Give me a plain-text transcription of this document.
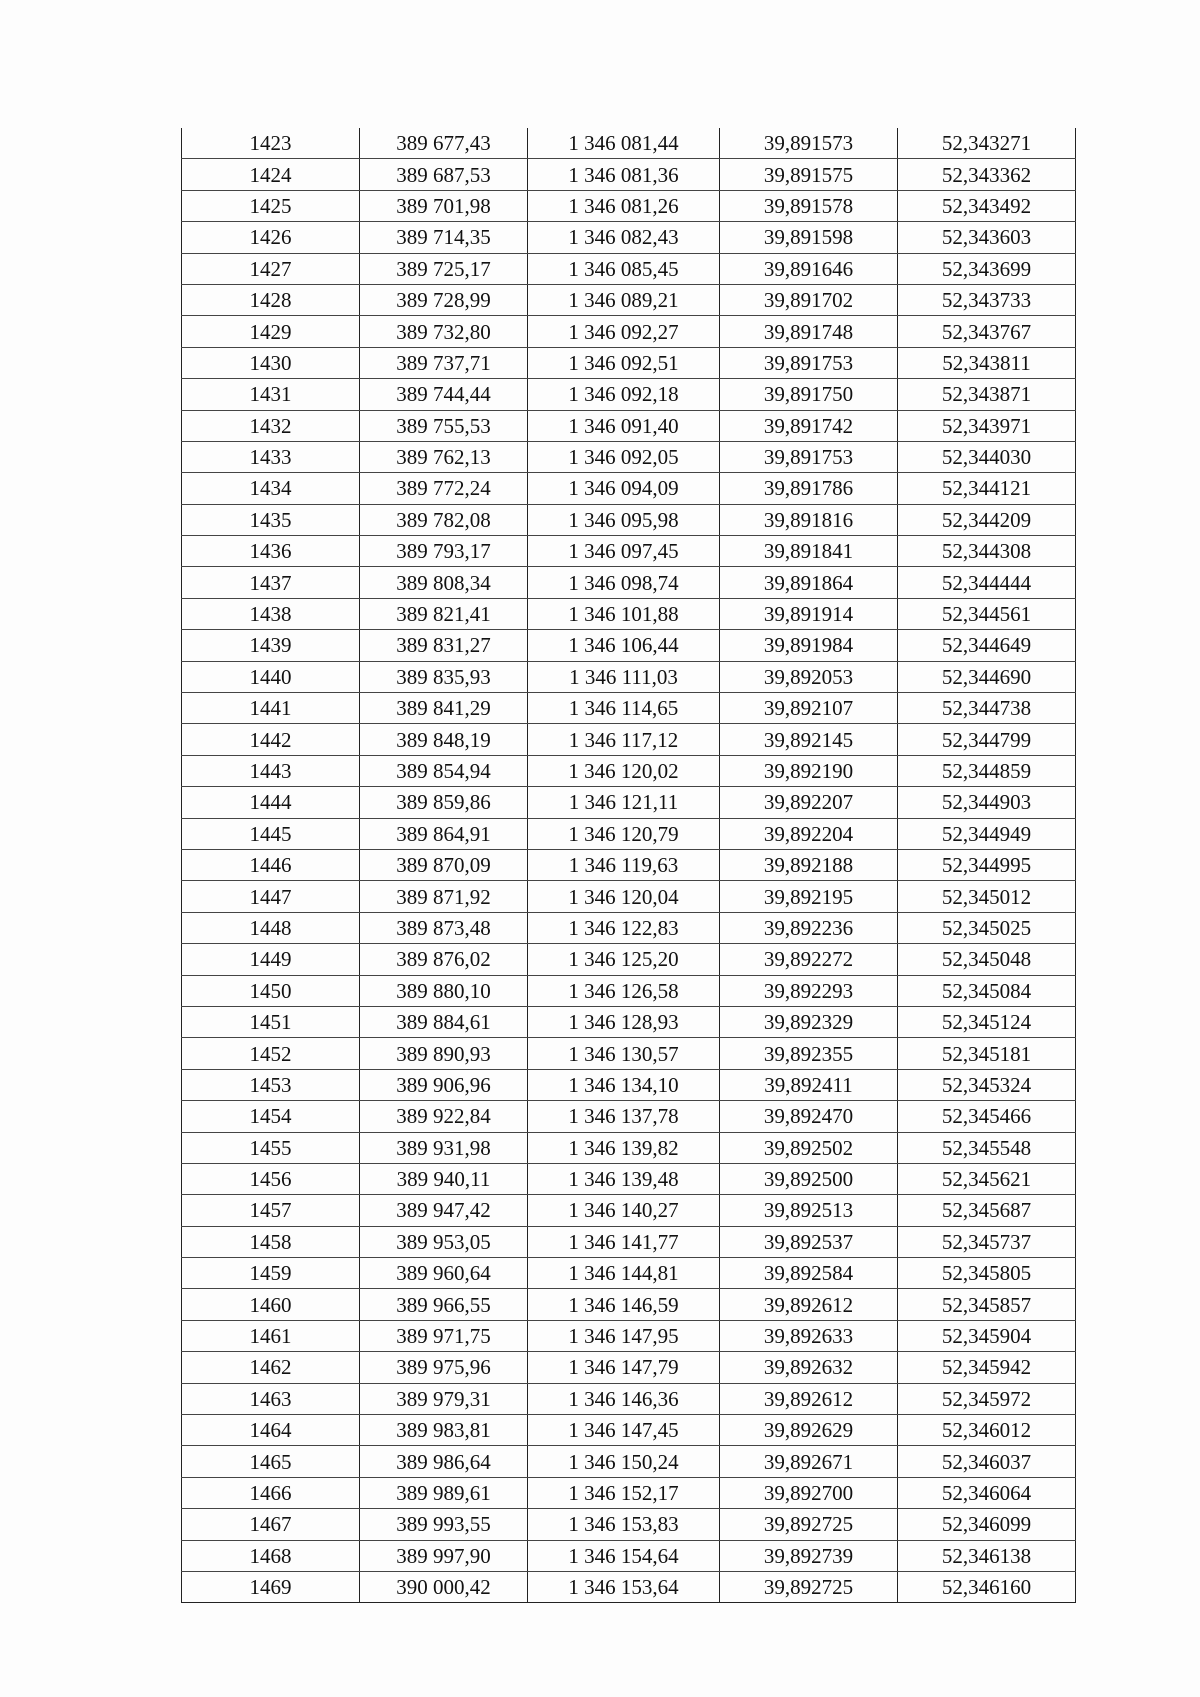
1423	389 677,43	1 346 081,44	39,891573	52,343271
1424	389 687,53	1 346 081,36	39,891575	52,343362
1425	389 701,98	1 346 081,26	39,891578	52,343492
1426	389 714,35	1 346 082,43	39,891598	52,343603
1427	389 725,17	1 346 085,45	39,891646	52,343699
1428	389 728,99	1 346 089,21	39,891702	52,343733
1429	389 732,80	1 346 092,27	39,891748	52,343767
1430	389 737,71	1 346 092,51	39,891753	52,343811
1431	389 744,44	1 346 092,18	39,891750	52,343871
1432	389 755,53	1 346 091,40	39,891742	52,343971
1433	389 762,13	1 346 092,05	39,891753	52,344030
1434	389 772,24	1 346 094,09	39,891786	52,344121
1435	389 782,08	1 346 095,98	39,891816	52,344209
1436	389 793,17	1 346 097,45	39,891841	52,344308
1437	389 808,34	1 346 098,74	39,891864	52,344444
1438	389 821,41	1 346 101,88	39,891914	52,344561
1439	389 831,27	1 346 106,44	39,891984	52,344649
1440	389 835,93	1 346 111,03	39,892053	52,344690
1441	389 841,29	1 346 114,65	39,892107	52,344738
1442	389 848,19	1 346 117,12	39,892145	52,344799
1443	389 854,94	1 346 120,02	39,892190	52,344859
1444	389 859,86	1 346 121,11	39,892207	52,344903
1445	389 864,91	1 346 120,79	39,892204	52,344949
1446	389 870,09	1 346 119,63	39,892188	52,344995
1447	389 871,92	1 346 120,04	39,892195	52,345012
1448	389 873,48	1 346 122,83	39,892236	52,345025
1449	389 876,02	1 346 125,20	39,892272	52,345048
1450	389 880,10	1 346 126,58	39,892293	52,345084
1451	389 884,61	1 346 128,93	39,892329	52,345124
1452	389 890,93	1 346 130,57	39,892355	52,345181
1453	389 906,96	1 346 134,10	39,892411	52,345324
1454	389 922,84	1 346 137,78	39,892470	52,345466
1455	389 931,98	1 346 139,82	39,892502	52,345548
1456	389 940,11	1 346 139,48	39,892500	52,345621
1457	389 947,42	1 346 140,27	39,892513	52,345687
1458	389 953,05	1 346 141,77	39,892537	52,345737
1459	389 960,64	1 346 144,81	39,892584	52,345805
1460	389 966,55	1 346 146,59	39,892612	52,345857
1461	389 971,75	1 346 147,95	39,892633	52,345904
1462	389 975,96	1 346 147,79	39,892632	52,345942
1463	389 979,31	1 346 146,36	39,892612	52,345972
1464	389 983,81	1 346 147,45	39,892629	52,346012
1465	389 986,64	1 346 150,24	39,892671	52,346037
1466	389 989,61	1 346 152,17	39,892700	52,346064
1467	389 993,55	1 346 153,83	39,892725	52,346099
1468	389 997,90	1 346 154,64	39,892739	52,346138
1469	390 000,42	1 346 153,64	39,892725	52,346160
